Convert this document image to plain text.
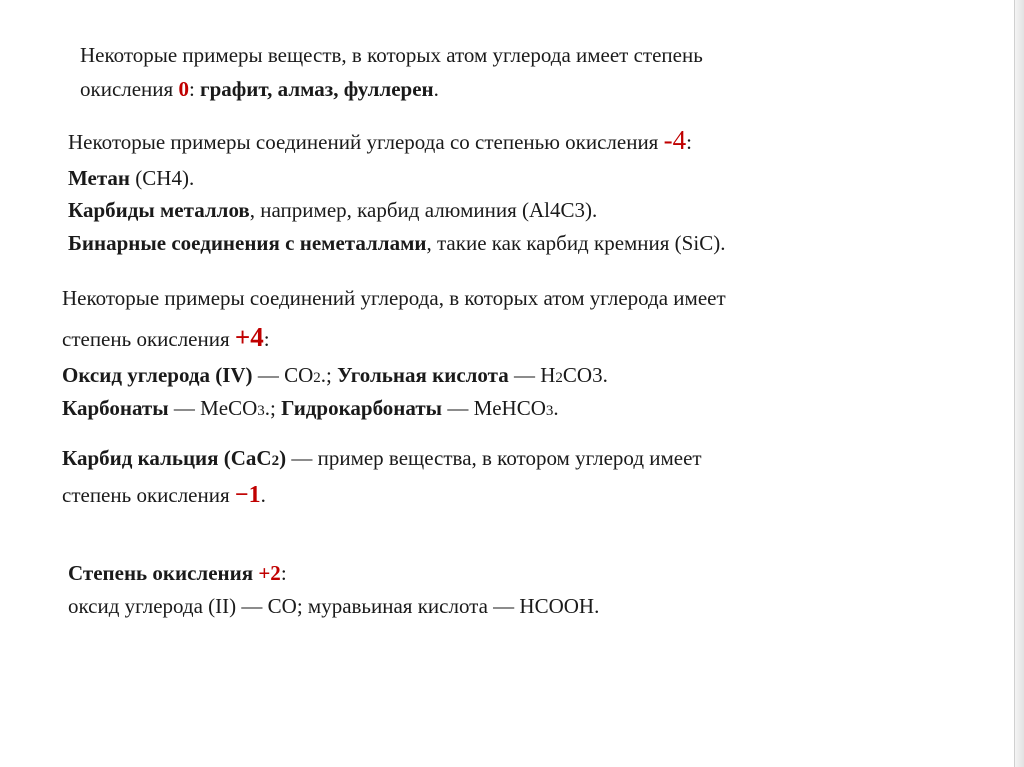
Некоторые примеры веществ, в которых атом углерода имеет степень
окисления 0: графит, алмаз, фуллерен.
Некоторые примеры соединений углерода со степенью окисления -4:
Метан (CH4).
Карбиды металлов, например, карбид алюминия (Al4C3).
Бинарные соединения с неметаллами, такие как карбид кремния (SiC).
Некоторые примеры соединений углерода, в которых атом углерода имеет
степень окисления +4:
Оксид углерода (IV) — CO2.; Угольная кислота — H2CO3.
Карбонаты — MeCO3.; Гидрокарбонаты — MeHCO3.
Карбид кальция (CaC2) — пример вещества, в котором углерод имеет
степень окисления −1.
Степень окисления +2:
оксид углерода (II) — CO; муравьиная кислота — HCOOH.
